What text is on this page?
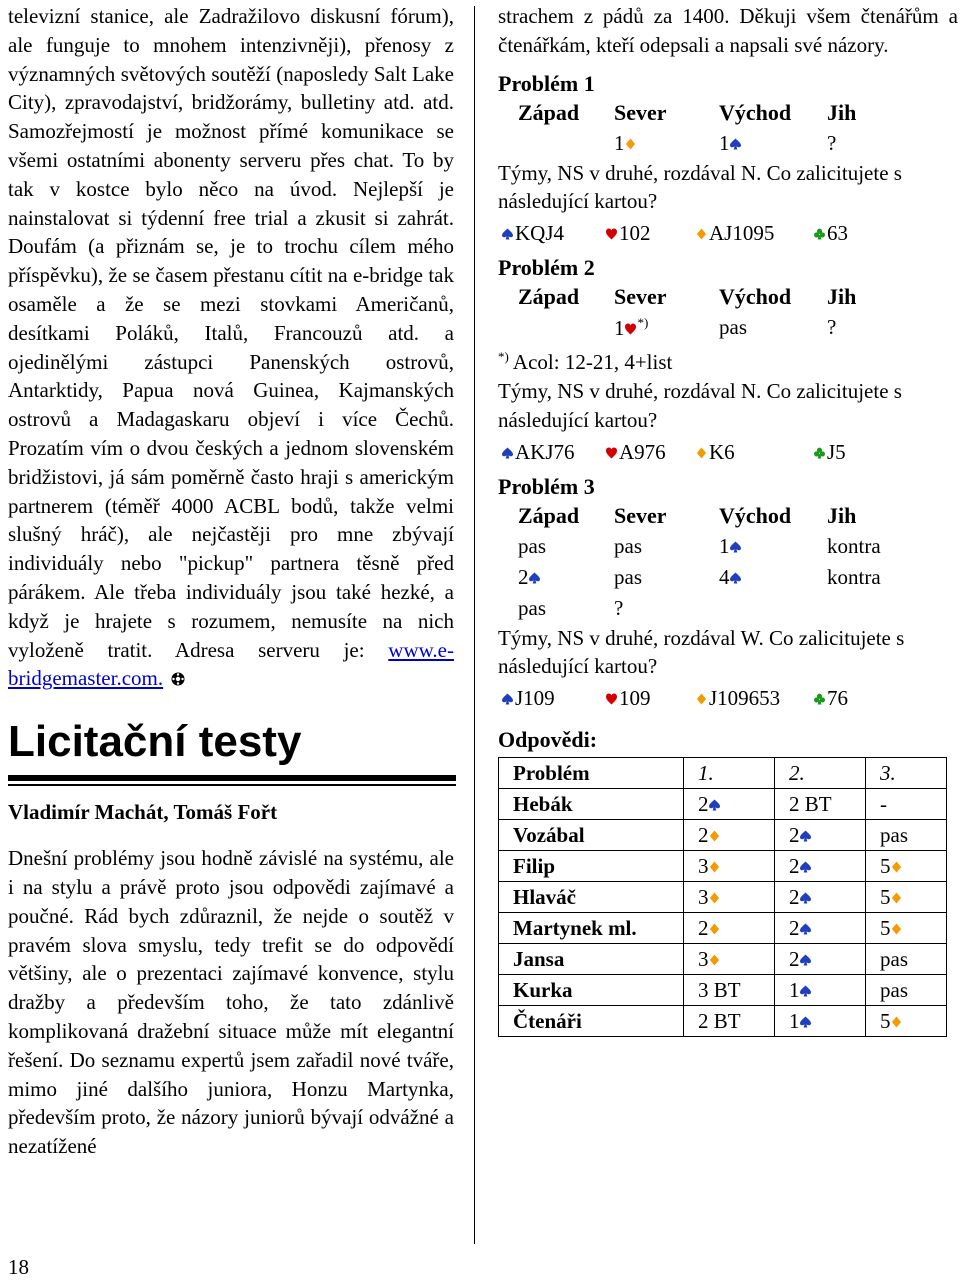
televizní stanice, ale Zadražilovo diskusní fórum), ale funguje to mnohem intenzivněji), přenosy z významných světových soutěží (naposledy Salt Lake City), zpravodajství, bridžorámy, bulletiny atd. atd. Samozřejmostí je možnost přímé komunikace se všemi ostatními abonenty serveru přes chat. To by tak v kostce bylo něco na úvod. Nejlepší je nainstalovat si týdenní free trial a zkusit si zahrát. Doufám (a přiznám se, je to trochu cílem mého příspěvku), že se časem přestanu cítit na e-bridge tak osaměle a že se mezi stovkami Američanů, desítkami Poláků, Italů, Francouzů atd. a ojedinělými zástupci Panenských ostrovů, Antarktidy, Papua nová Guinea, Kajmanských ostrovů a Madagaskaru objeví i více Čechů. Prozatím vím o dvou českých a jednom slovenském bridžistovi, já sám poměrně často hraji s americkým partnerem (téměř 4000 ACBL bodů, takže velmi slušný hráč), ale nejčastěji pro mne zbývají individuály nebo "pickup" partnera těsně před párákem. Ale třeba individuály jsou také hezké, a když je hrajete s rozumem, nemusíte na nich vyloženě tratit. Adresa serveru je: www.e-bridgemaster.com.

Licitační testy
Vladimír Machát, Tomáš Fořt

Dnešní problémy jsou hodně závislé na systému, ale i na stylu a právě proto jsou odpovědi zajímavé a poučné. Rád bych zdůraznil, že nejde o soutěž v pravém slova smyslu, tedy trefit se do odpovědí většiny, ale o prezentaci zajímavé konvence, stylu dražby a především toho, že tato zdánlivě komplikovaná dražební situace může mít elegantní řešení. Do seznamu expertů jsem zařadil nové tváře, mimo jiné dalšího juniora, Honzu Martynka, především proto, že názory juniorů bývají odvážné a nezatížené

18

strachem z pádů za 1400. Děkuji všem čtenářům a čtenářkám, kteří odepsali a napsali své názory.

Problém 1
Západ	Sever	Východ	Jih
	1	1	?

Týmy, NS v druhé, rozdával N. Co zalicitujete s následující kartou?

KQJ4	102	AJ1095	63
Problém 2
Západ	Sever	Východ	Jih
	1 *)	pas	?
*) Acol: 12-21, 4+list

Týmy, NS v druhé, rozdával N. Co zalicitujete s následující kartou?

AKJ76	A976	K6	J5
Problém 3
Západ	Sever	Východ	Jih
pas	pas	1	kontra
2	pas	4	kontra
pas	?		

Týmy, NS v druhé, rozdával W. Co zalicitujete s následující kartou?

J109	109	J109653	76
Odpovědi:
Problém	1.	2.	3.
Hebák	2	2 BT	-
Vozábal	2	2	pas
Filip	3	2	5
Hlaváč	3	2	5
Martynek ml.	2	2	5
Jansa	3	2	pas
Kurka	3 BT	1	pas
Čtenáři	2 BT	1	5
